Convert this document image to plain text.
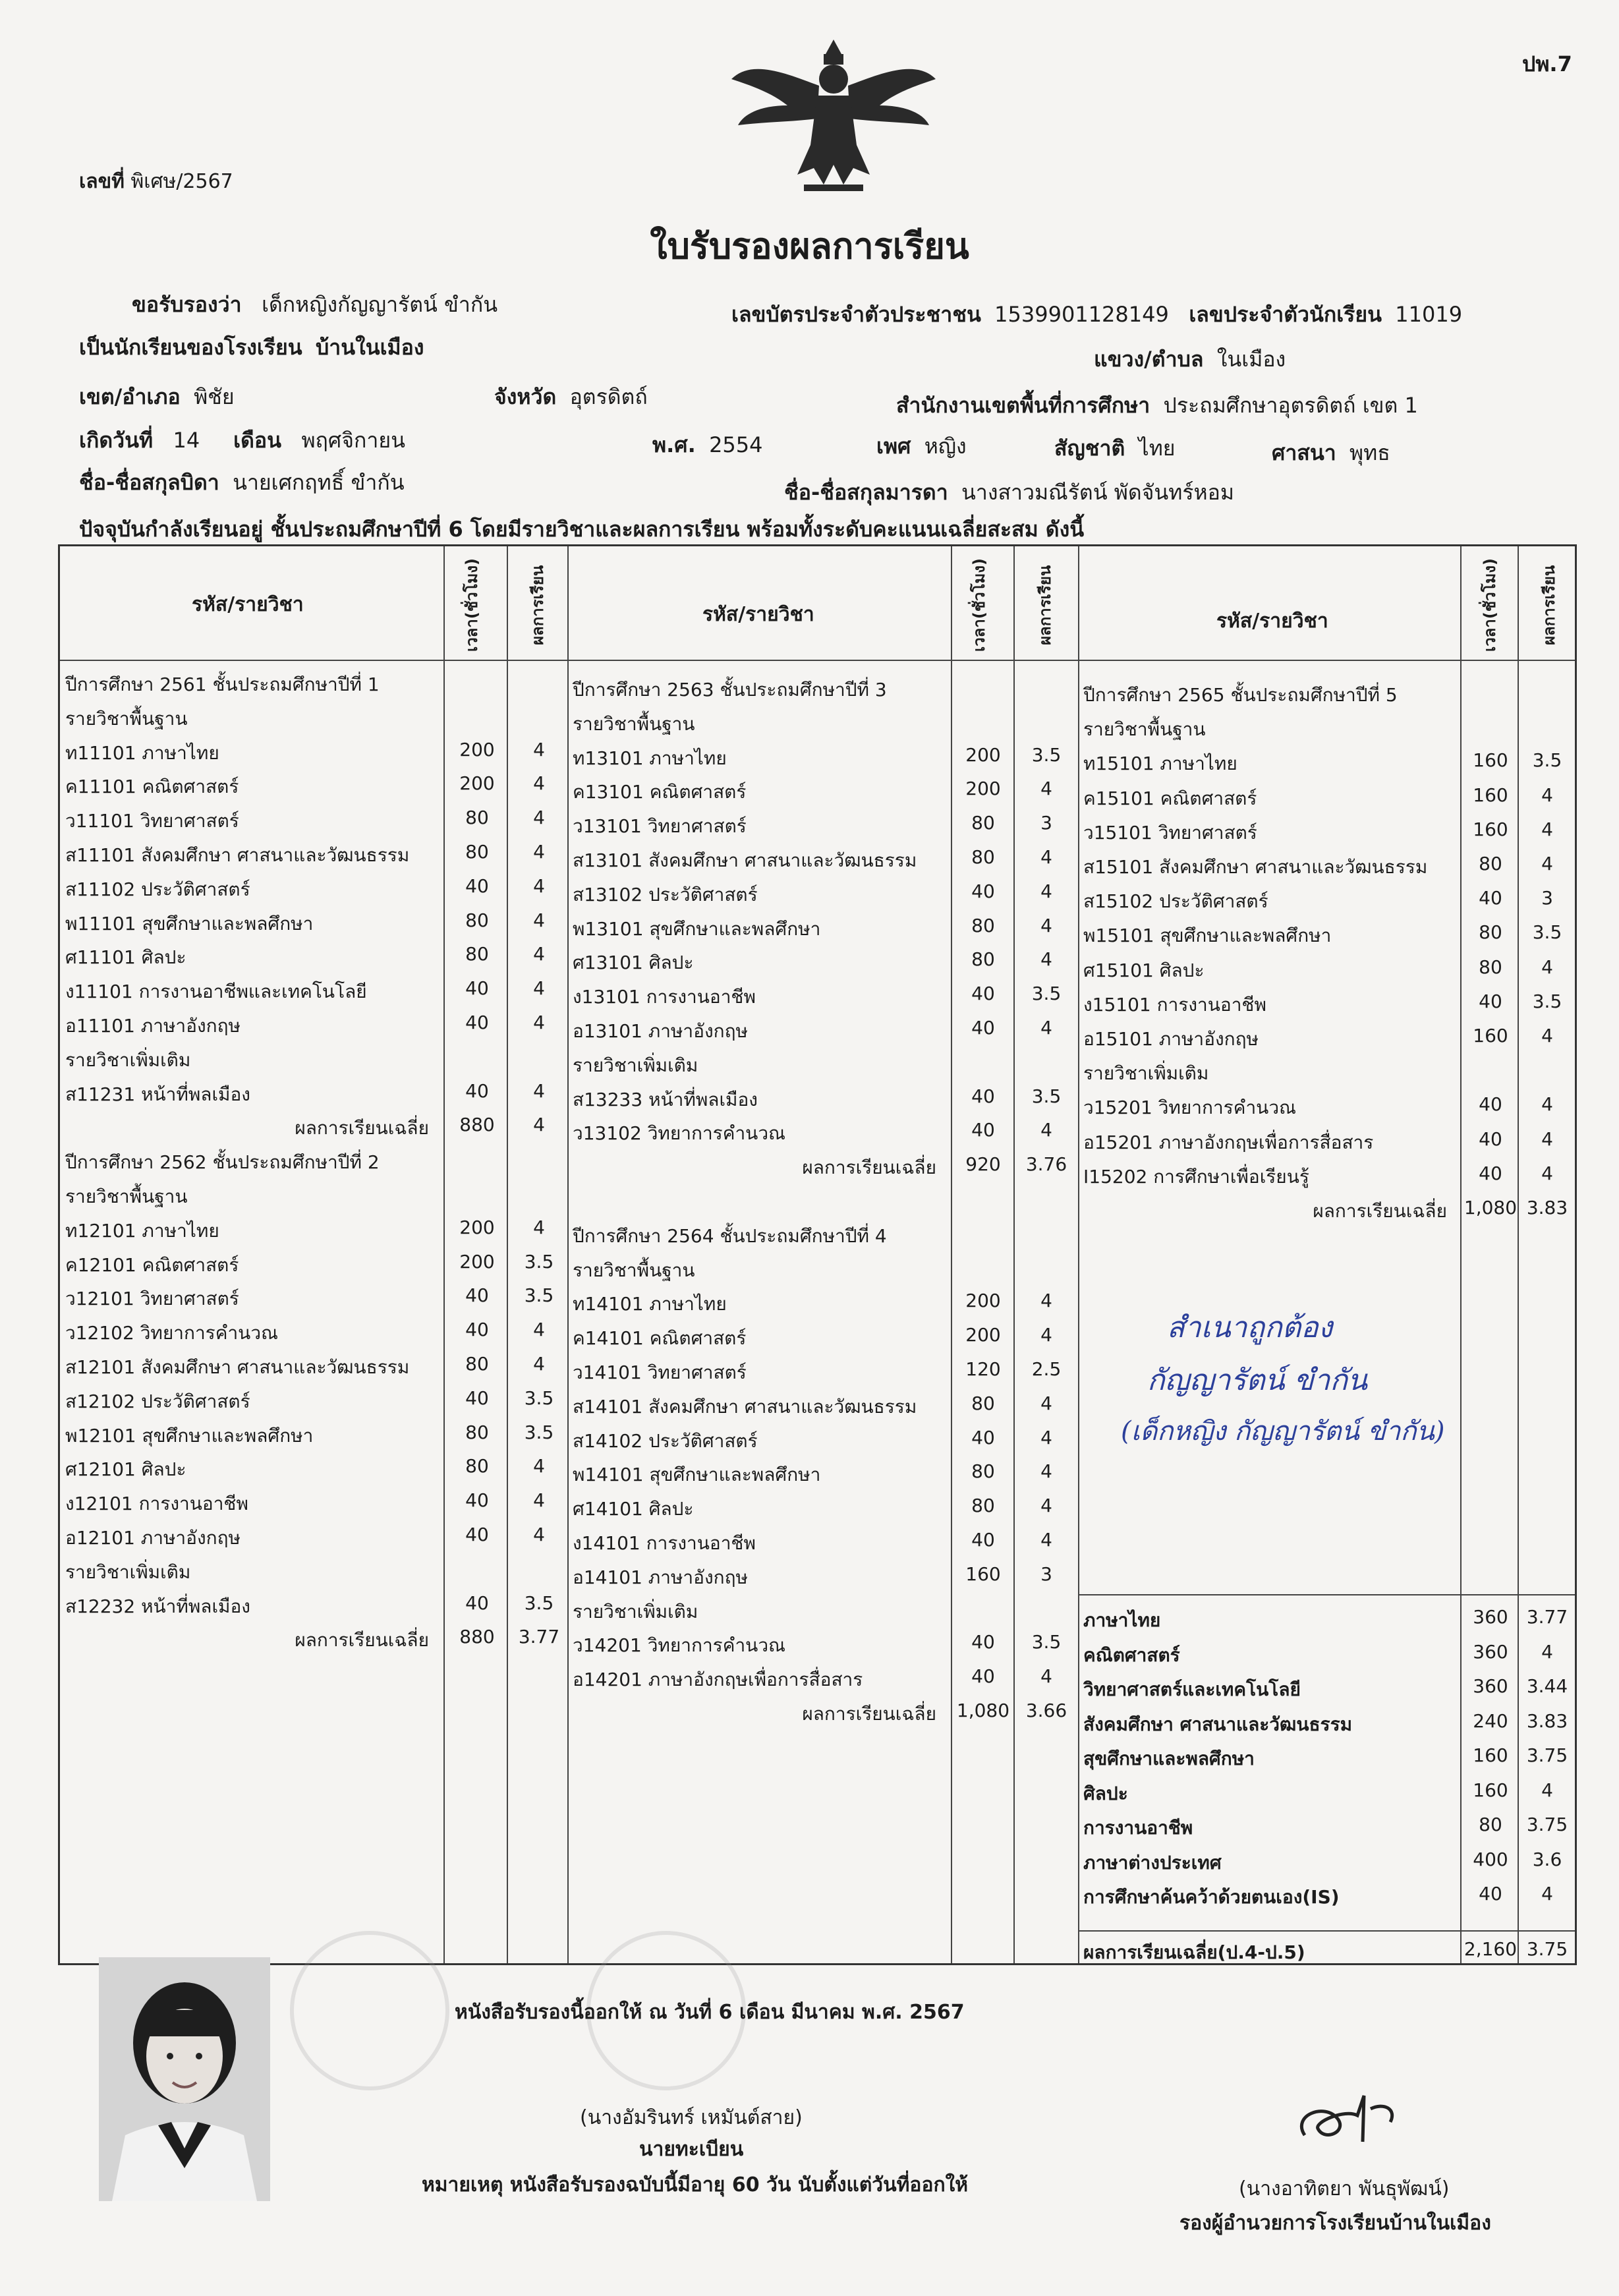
ปพ.7
เลขที่ พิเศษ/2567
ใบรับรองผลการเรียน
ขอรับรองว่า เด็กหญิงกัญญารัตน์ ขำกัน	เลขบัตรประจำตัวประชาชน 1539901128149 เลขประจำตัวนักเรียน 11019
เป็นนักเรียนของโรงเรียน บ้านในเมือง	แขวง/ตำบล ในเมือง
เขต/อำเภอ พิชัย	จังหวัด อุตรดิตถ์	สำนักงานเขตพื้นที่การศึกษา ประถมศึกษาอุตรดิตถ์ เขต 1
เกิดวันที่ 14 เดือน พฤศจิกายน	พ.ศ. 2554	เพศ หญิง	สัญชาติ ไทย	ศาสนา พุทธ
ชื่อ-ชื่อสกุลบิดา นายเศกฤทธิ์ ขำกัน	ชื่อ-ชื่อสกุลมารดา นางสาวมณีรัตน์ พัดจันทร์หอม
ปัจจุบันกำลังเรียนอยู่ ชั้นประถมศึกษาปีที่ 6 โดยมีรายวิชาและผลการเรียน พร้อมทั้งระดับคะแนนเฉลี่ยสะสม ดังนี้
รหัส/รายวิชา	เวลา(ชั่วโมง)	ผลการเรียน	รหัส/รายวิชา	เวลา(ชั่วโมง)	ผลการเรียน	รหัส/รายวิชา	เวลา(ชั่วโมง)	ผลการเรียน
ปีการศึกษา 2561 ชั้นประถมศึกษาปีที่ 1
รายวิชาพื้นฐาน
ท11101 ภาษาไทย	200	4
ค11101 คณิตศาสตร์	200	4
ว11101 วิทยาศาสตร์	80	4
ส11101 สังคมศึกษา ศาสนาและวัฒนธรรม	80	4
ส11102 ประวัติศาสตร์	40	4
พ11101 สุขศึกษาและพลศึกษา	80	4
ศ11101 ศิลปะ	80	4
ง11101 การงานอาชีพและเทคโนโลยี	40	4
อ11101 ภาษาอังกฤษ	40	4
รายวิชาเพิ่มเติม
ส11231 หน้าที่พลเมือง	40	4
ผลการเรียนเฉลี่ย	880	4
ปีการศึกษา 2562 ชั้นประถมศึกษาปีที่ 2
รายวิชาพื้นฐาน
ท12101 ภาษาไทย	200	4
ค12101 คณิตศาสตร์	200	3.5
ว12101 วิทยาศาสตร์	40	3.5
ว12102 วิทยาการคำนวณ	40	4
ส12101 สังคมศึกษา ศาสนาและวัฒนธรรม	80	4
ส12102 ประวัติศาสตร์	40	3.5
พ12101 สุขศึกษาและพลศึกษา	80	3.5
ศ12101 ศิลปะ	80	4
ง12101 การงานอาชีพ	40	4
อ12101 ภาษาอังกฤษ	40	4
รายวิชาเพิ่มเติม
ส12232 หน้าที่พลเมือง	40	3.5
ผลการเรียนเฉลี่ย	880	3.77
ปีการศึกษา 2563 ชั้นประถมศึกษาปีที่ 3
รายวิชาพื้นฐาน
ท13101 ภาษาไทย	200	3.5
ค13101 คณิตศาสตร์	200	4
ว13101 วิทยาศาสตร์	80	3
ส13101 สังคมศึกษา ศาสนาและวัฒนธรรม	80	4
ส13102 ประวัติศาสตร์	40	4
พ13101 สุขศึกษาและพลศึกษา	80	4
ศ13101 ศิลปะ	80	4
ง13101 การงานอาชีพ	40	3.5
อ13101 ภาษาอังกฤษ	40	4
รายวิชาเพิ่มเติม
ส13233 หน้าที่พลเมือง	40	3.5
ว13102 วิทยาการคำนวณ	40	4
ผลการเรียนเฉลี่ย	920	3.76
ปีการศึกษา 2564 ชั้นประถมศึกษาปีที่ 4
รายวิชาพื้นฐาน
ท14101 ภาษาไทย	200	4
ค14101 คณิตศาสตร์	200	4
ว14101 วิทยาศาสตร์	120	2.5
ส14101 สังคมศึกษา ศาสนาและวัฒนธรรม	80	4
ส14102 ประวัติศาสตร์	40	4
พ14101 สุขศึกษาและพลศึกษา	80	4
ศ14101 ศิลปะ	80	4
ง14101 การงานอาชีพ	40	4
อ14101 ภาษาอังกฤษ	160	3
รายวิชาเพิ่มเติม
ว14201 วิทยาการคำนวณ	40	3.5
อ14201 ภาษาอังกฤษเพื่อการสื่อสาร	40	4
ผลการเรียนเฉลี่ย 1,080 3.66
ปีการศึกษา 2565 ชั้นประถมศึกษาปีที่ 5
รายวิชาพื้นฐาน
ท15101 ภาษาไทย	160	3.5
ค15101 คณิตศาสตร์	160	4
ว15101 วิทยาศาสตร์	160	4
ส15101 สังคมศึกษา ศาสนาและวัฒนธรรม	80	4
ส15102 ประวัติศาสตร์	40	3
พ15101 สุขศึกษาและพลศึกษา	80	3.5
ศ15101 ศิลปะ	80	4
ง15101 การงานอาชีพ	40	3.5
อ15101 ภาษาอังกฤษ	160	4
รายวิชาเพิ่มเติม
ว15201 วิทยาการคำนวณ	40	4
อ15201 ภาษาอังกฤษเพื่อการสื่อสาร	40	4
I15202 การศึกษาเพื่อเรียนรู้	40	4
ผลการเรียนเฉลี่ย 1,080 3.83
ภาษาไทย	360	3.77
คณิตศาสตร์	360	4
วิทยาศาสตร์และเทคโนโลยี	360	3.44
สังคมศึกษา ศาสนาและวัฒนธรรม	240	3.83
สุขศึกษาและพลศึกษา	160	3.75
ศิลปะ	160	4
การงานอาชีพ	80	3.75
ภาษาต่างประเทศ	400	3.6
การศึกษาค้นคว้าด้วยตนเอง(IS)	40	4
ผลการเรียนเฉลี่ย(ป.4-ป.5)	2,160 3.75
สำเนาถูกต้อง
กัญญารัตน์ ขำกัน
(เด็กหญิง กัญญารัตน์ ขำกัน)
หนังสือรับรองนี้ออกให้ ณ วันที่ 6 เดือน มีนาคม พ.ศ. 2567
(นางอัมรินทร์ เหมันต์สาย)
นายทะเบียน
หมายเหตุ หนังสือรับรองฉบับนี้มีอายุ 60 วัน นับตั้งแต่วันที่ออกให้	(นางอาทิตยา พันธุพัฒน์)
รองผู้อำนวยการโรงเรียนบ้านในเมือง
